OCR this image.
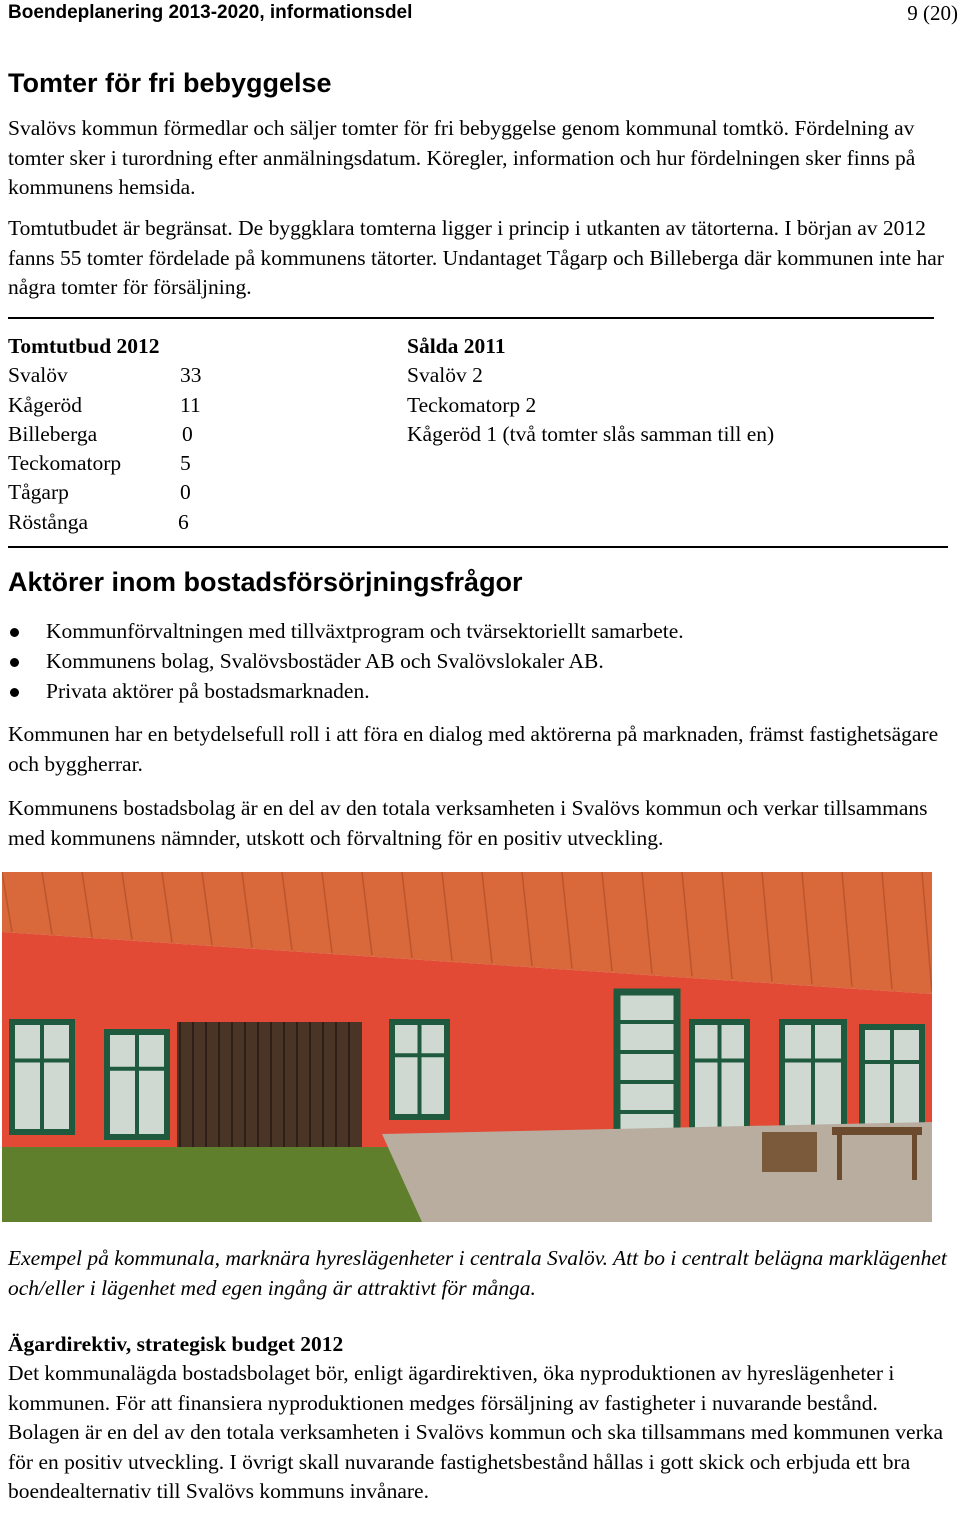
Boendeplanering 2013-2020, informationsdel	9 (20)
Tomter för fri bebyggelse

Svalövs kommun förmedlar och säljer tomter för fri bebyggelse genom kommunal tomtkö. Fördelning av tomter sker i turordning efter anmälningsdatum. Köregler, information och hur fördelningen sker finns på kommunens hemsida.

Tomtutbudet är begränsat. De byggklara tomterna ligger i princip i utkanten av tätorterna. I början av 2012 fanns 55 tomter fördelade på kommunens tätorter. Undantaget Tågarp och Billeberga där kommunen inte har några tomter för försäljning.

Tomtutbud 2012
Svalöv	33
Kågeröd	11
Billeberga	0
Teckomatorp	5
Tågarp	0
Röstånga	6
Sålda 2011
Svalöv 2
Teckomatorp 2
Kågeröd 1 (två tomter slås samman till en)
Aktörer inom bostadsförsörjningsfrågor
Kommunförvaltningen med tillväxtprogram och tvärsektoriellt samarbete.
Kommunens bolag, Svalövsbostäder AB och Svalövslokaler AB.
Privata aktörer på bostadsmarknaden.

Kommunen har en betydelsefull roll i att föra en dialog med aktörerna på marknaden, främst fastighetsägare och byggherrar.

Kommunens bostadsbolag är en del av den totala verksamheten i Svalövs kommun och verkar tillsammans med kommunens nämnder, utskott och förvaltning för en positiv utveckling.

Exempel på kommunala, marknära hyreslägenheter i centrala Svalöv. Att bo i centralt belägna marklägenhet och/eller i lägenhet med egen ingång är attraktivt för många.

Ägardirektiv, strategisk budget 2012

Det kommunalägda bostadsbolaget bör, enligt ägardirektiven, öka nyproduktionen av hyreslägenheter i kommunen. För att finansiera nyproduktionen medges försäljning av fastigheter i nuvarande bestånd. Bolagen är en del av den totala verksamheten i Svalövs kommun och ska tillsammans med kommunen verka för en positiv utveckling. I övrigt skall nuvarande fastighetsbestånd hållas i gott skick och erbjuda ett bra boendealternativ till Svalövs kommuns invånare.
